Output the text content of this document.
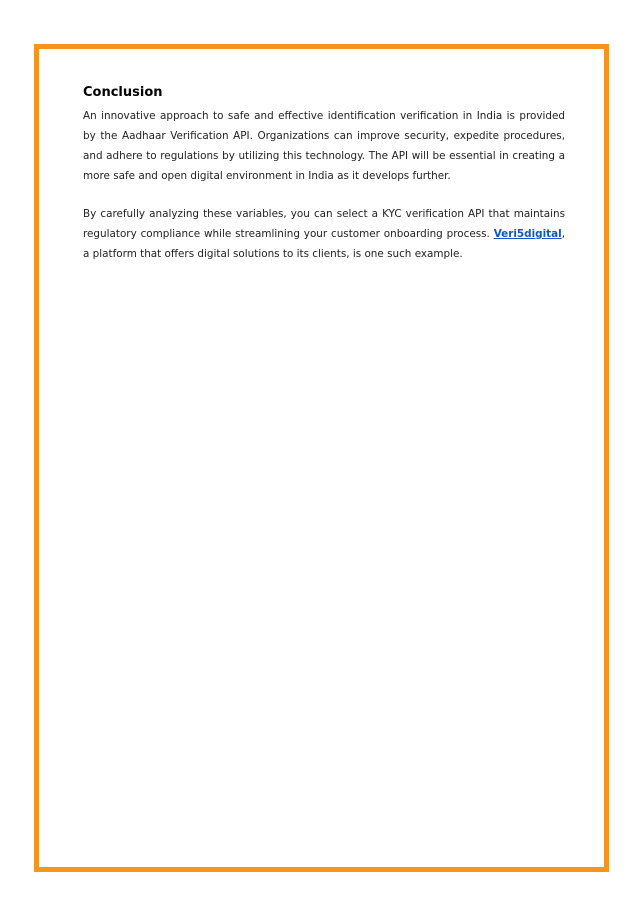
Conclusion

An innovative approach to safe and effective identification verification in India is provided by the Aadhaar Verification API. Organizations can improve security, expedite procedures, and adhere to regulations by utilizing this technology. The API will be essential in creating a more safe and open digital environment in India as it develops further.

By carefully analyzing these variables, you can select a KYC verification API that maintains regulatory compliance while streamlining your customer onboarding process. Veri5digital, a platform that offers digital solutions to its clients, is one such example.
